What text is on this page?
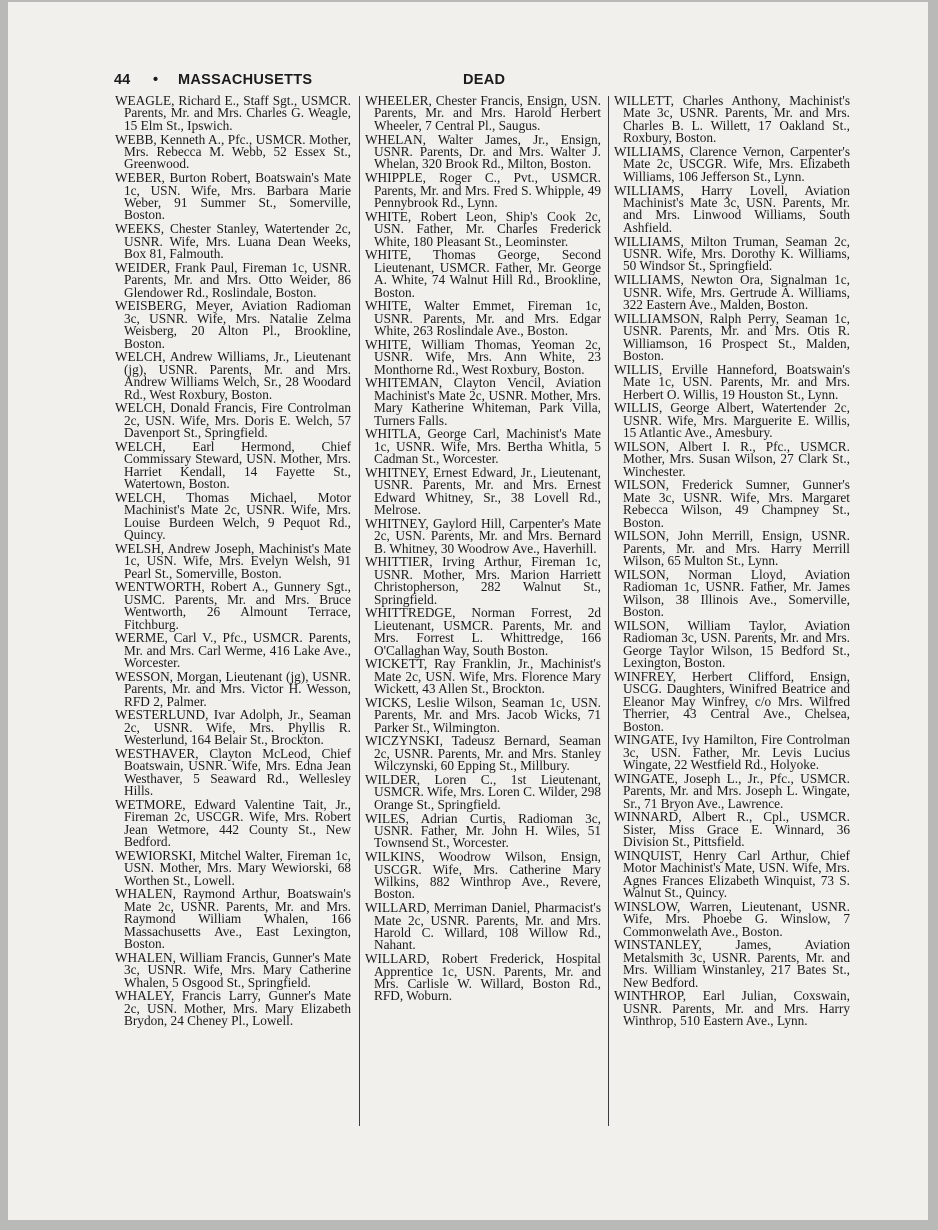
44 • MASSACHUSETTS	DEAD

WEAGLE, Richard E., Staff Sgt., USMCR. Parents, Mr. and Mrs. Charles G. Weagle, 15 Elm St., Ipswich.

WEBB, Kenneth A., Pfc., USMCR. Mother, Mrs. Rebecca M. Webb, 52 Essex St., Greenwood.

WEBER, Burton Robert, Boatswain's Mate 1c, USN. Wife, Mrs. Barbara Marie Weber, 91 Summer St., Somerville, Boston.

WEEKS, Chester Stanley, Watertender 2c, USNR. Wife, Mrs. Luana Dean Weeks, Box 81, Falmouth.

WEIDER, Frank Paul, Fireman 1c, USNR. Parents, Mr. and Mrs. Otto Weider, 86 Glendower Rd., Roslindale, Boston.

WEISBERG, Meyer, Aviation Radioman 3c, USNR. Wife, Mrs. Natalie Zelma Weisberg, 20 Alton Pl., Brookline, Boston.

WELCH, Andrew Williams, Jr., Lieutenant (jg), USNR. Parents, Mr. and Mrs. Andrew Williams Welch, Sr., 28 Woodard Rd., West Roxbury, Boston.

WELCH, Donald Francis, Fire Controlman 2c, USN. Wife, Mrs. Doris E. Welch, 57 Davenport St., Springfield.

WELCH, Earl Hermond, Chief Commissary Steward, USN. Mother, Mrs. Harriet Kendall, 14 Fayette St., Watertown, Boston.

WELCH, Thomas Michael, Motor Machinist's Mate 2c, USNR. Wife, Mrs. Louise Burdeen Welch, 9 Pequot Rd., Quincy.

WELSH, Andrew Joseph, Machinist's Mate 1c, USN. Wife, Mrs. Evelyn Welsh, 91 Pearl St., Somerville, Boston.

WENTWORTH, Robert A., Gunnery Sgt., USMC. Parents, Mr. and Mrs. Bruce Wentworth, 26 Almount Terrace, Fitchburg.

WERME, Carl V., Pfc., USMCR. Parents, Mr. and Mrs. Carl Werme, 416 Lake Ave., Worcester.

WESSON, Morgan, Lieutenant (jg), USNR. Parents, Mr. and Mrs. Victor H. Wesson, RFD 2, Palmer.

WESTERLUND, Ivar Adolph, Jr., Seaman 2c, USNR. Wife, Mrs. Phyllis R. Westerlund, 164 Belair St., Brockton.

WESTHAVER, Clayton McLeod, Chief Boatswain, USNR. Wife, Mrs. Edna Jean Westhaver, 5 Seaward Rd., Wellesley Hills.

WETMORE, Edward Valentine Tait, Jr., Fireman 2c, USCGR. Wife, Mrs. Robert Jean Wetmore, 442 County St., New Bedford.

WEWIORSKI, Mitchel Walter, Fireman 1c, USN. Mother, Mrs. Mary Wewiorski, 68 Worthen St., Lowell.

WHALEN, Raymond Arthur, Boatswain's Mate 2c, USNR. Parents, Mr. and Mrs. Raymond William Whalen, 166 Massachusetts Ave., East Lexington, Boston.

WHALEN, William Francis, Gunner's Mate 3c, USNR. Wife, Mrs. Mary Catherine Whalen, 5 Osgood St., Springfield.

WHALEY, Francis Larry, Gunner's Mate 2c, USN. Mother, Mrs. Mary Elizabeth Brydon, 24 Cheney Pl., Lowell.

WHEELER, Chester Francis, Ensign, USN. Parents, Mr. and Mrs. Harold Herbert Wheeler, 7 Central Pl., Saugus.

WHELAN, Walter James, Jr., Ensign, USNR. Parents, Dr. and Mrs. Walter J. Whelan, 320 Brook Rd., Milton, Boston.

WHIPPLE, Roger C., Pvt., USMCR. Parents, Mr. and Mrs. Fred S. Whipple, 49 Pennybrook Rd., Lynn.

WHITE, Robert Leon, Ship's Cook 2c, USN. Father, Mr. Charles Frederick White, 180 Pleasant St., Leominster.

WHITE, Thomas George, Second Lieutenant, USMCR. Father, Mr. George A. White, 74 Walnut Hill Rd., Brookline, Boston.

WHITE, Walter Emmet, Fireman 1c, USNR. Parents, Mr. and Mrs. Edgar White, 263 Roslindale Ave., Boston.

WHITE, William Thomas, Yeoman 2c, USNR. Wife, Mrs. Ann White, 23 Monthorne Rd., West Roxbury, Boston.

WHITEMAN, Clayton Vencil, Aviation Machinist's Mate 2c, USNR. Mother, Mrs. Mary Katherine Whiteman, Park Villa, Turners Falls.

WHITLA, George Carl, Machinist's Mate 1c, USNR. Wife, Mrs. Bertha Whitla, 5 Cadman St., Worcester.

WHITNEY, Ernest Edward, Jr., Lieutenant, USNR. Parents, Mr. and Mrs. Ernest Edward Whitney, Sr., 38 Lovell Rd., Melrose.

WHITNEY, Gaylord Hill, Carpenter's Mate 2c, USN. Parents, Mr. and Mrs. Bernard B. Whitney, 30 Woodrow Ave., Haverhill.

WHITTIER, Irving Arthur, Fireman 1c, USNR. Mother, Mrs. Marion Harriett Christopherson, 282 Walnut St., Springfield.

WHITTREDGE, Norman Forrest, 2d Lieutenant, USMCR. Parents, Mr. and Mrs. Forrest L. Whittredge, 166 O'Callaghan Way, South Boston.

WICKETT, Ray Franklin, Jr., Machinist's Mate 2c, USN. Wife, Mrs. Florence Mary Wickett, 43 Allen St., Brockton.

WICKS, Leslie Wilson, Seaman 1c, USN. Parents, Mr. and Mrs. Jacob Wicks, 71 Parker St., Wilmington.

WICZYNSKI, Tadeusz Bernard, Seaman 2c, USNR. Parents, Mr. and Mrs. Stanley Wilczynski, 60 Epping St., Millbury.

WILDER, Loren C., 1st Lieutenant, USMCR. Wife, Mrs. Loren C. Wilder, 298 Orange St., Springfield.

WILES, Adrian Curtis, Radioman 3c, USNR. Father, Mr. John H. Wiles, 51 Townsend St., Worcester.

WILKINS, Woodrow Wilson, Ensign, USCGR. Wife, Mrs. Catherine Mary Wilkins, 882 Winthrop Ave., Revere, Boston.

WILLARD, Merriman Daniel, Pharmacist's Mate 2c, USNR. Parents, Mr. and Mrs. Harold C. Willard, 108 Willow Rd., Nahant.

WILLARD, Robert Frederick, Hospital Apprentice 1c, USN. Parents, Mr. and Mrs. Carlisle W. Willard, Boston Rd., RFD, Woburn.

WILLETT, Charles Anthony, Machinist's Mate 3c, USNR. Parents, Mr. and Mrs. Charles B. L. Willett, 17 Oakland St., Roxbury, Boston.

WILLIAMS, Clarence Vernon, Carpenter's Mate 2c, USCGR. Wife, Mrs. Elizabeth Williams, 106 Jefferson St., Lynn.

WILLIAMS, Harry Lovell, Aviation Machinist's Mate 3c, USN. Parents, Mr. and Mrs. Linwood Williams, South Ashfield.

WILLIAMS, Milton Truman, Seaman 2c, USNR. Wife, Mrs. Dorothy K. Williams, 50 Windsor St., Springfield.

WILLIAMS, Newton Ora, Signalman 1c, USNR. Wife, Mrs. Gertrude A. Williams, 322 Eastern Ave., Malden, Boston.

WILLIAMSON, Ralph Perry, Seaman 1c, USNR. Parents, Mr. and Mrs. Otis R. Williamson, 16 Prospect St., Malden, Boston.

WILLIS, Erville Hanneford, Boatswain's Mate 1c, USN. Parents, Mr. and Mrs. Herbert O. Willis, 19 Houston St., Lynn.

WILLIS, George Albert, Watertender 2c, USNR. Wife, Mrs. Marguerite E. Willis, 15 Atlantic Ave., Amesbury.

WILSON, Albert I. R., Pfc., USMCR. Mother, Mrs. Susan Wilson, 27 Clark St., Winchester.

WILSON, Frederick Sumner, Gunner's Mate 3c, USNR. Wife, Mrs. Margaret Rebecca Wilson, 49 Champney St., Boston.

WILSON, John Merrill, Ensign, USNR. Parents, Mr. and Mrs. Harry Merrill Wilson, 65 Multon St., Lynn.

WILSON, Norman Lloyd, Aviation Radioman 1c, USNR. Father, Mr. James Wilson, 38 Illinois Ave., Somerville, Boston.

WILSON, William Taylor, Aviation Radioman 3c, USN. Parents, Mr. and Mrs. George Taylor Wilson, 15 Bedford St., Lexington, Boston.

WINFREY, Herbert Clifford, Ensign, USCG. Daughters, Winifred Beatrice and Eleanor May Winfrey, c/o Mrs. Wilfred Therrier, 43 Central Ave., Chelsea, Boston.

WINGATE, Ivy Hamilton, Fire Controlman 3c, USN. Father, Mr. Levis Lucius Wingate, 22 Westfield Rd., Holyoke.

WINGATE, Joseph L., Jr., Pfc., USMCR. Parents, Mr. and Mrs. Joseph L. Wingate, Sr., 71 Bryon Ave., Lawrence.

WINNARD, Albert R., Cpl., USMCR. Sister, Miss Grace E. Winnard, 36 Division St., Pittsfield.

WINQUIST, Henry Carl Arthur, Chief Motor Machinist's Mate, USN. Wife, Mrs. Agnes Frances Elizabeth Winquist, 73 S. Walnut St., Quincy.

WINSLOW, Warren, Lieutenant, USNR. Wife, Mrs. Phoebe G. Winslow, 7 Commonwelath Ave., Boston.

WINSTANLEY, James, Aviation Metalsmith 3c, USNR. Parents, Mr. and Mrs. William Winstanley, 217 Bates St., New Bedford.

WINTHROP, Earl Julian, Coxswain, USNR. Parents, Mr. and Mrs. Harry Winthrop, 510 Eastern Ave., Lynn.
